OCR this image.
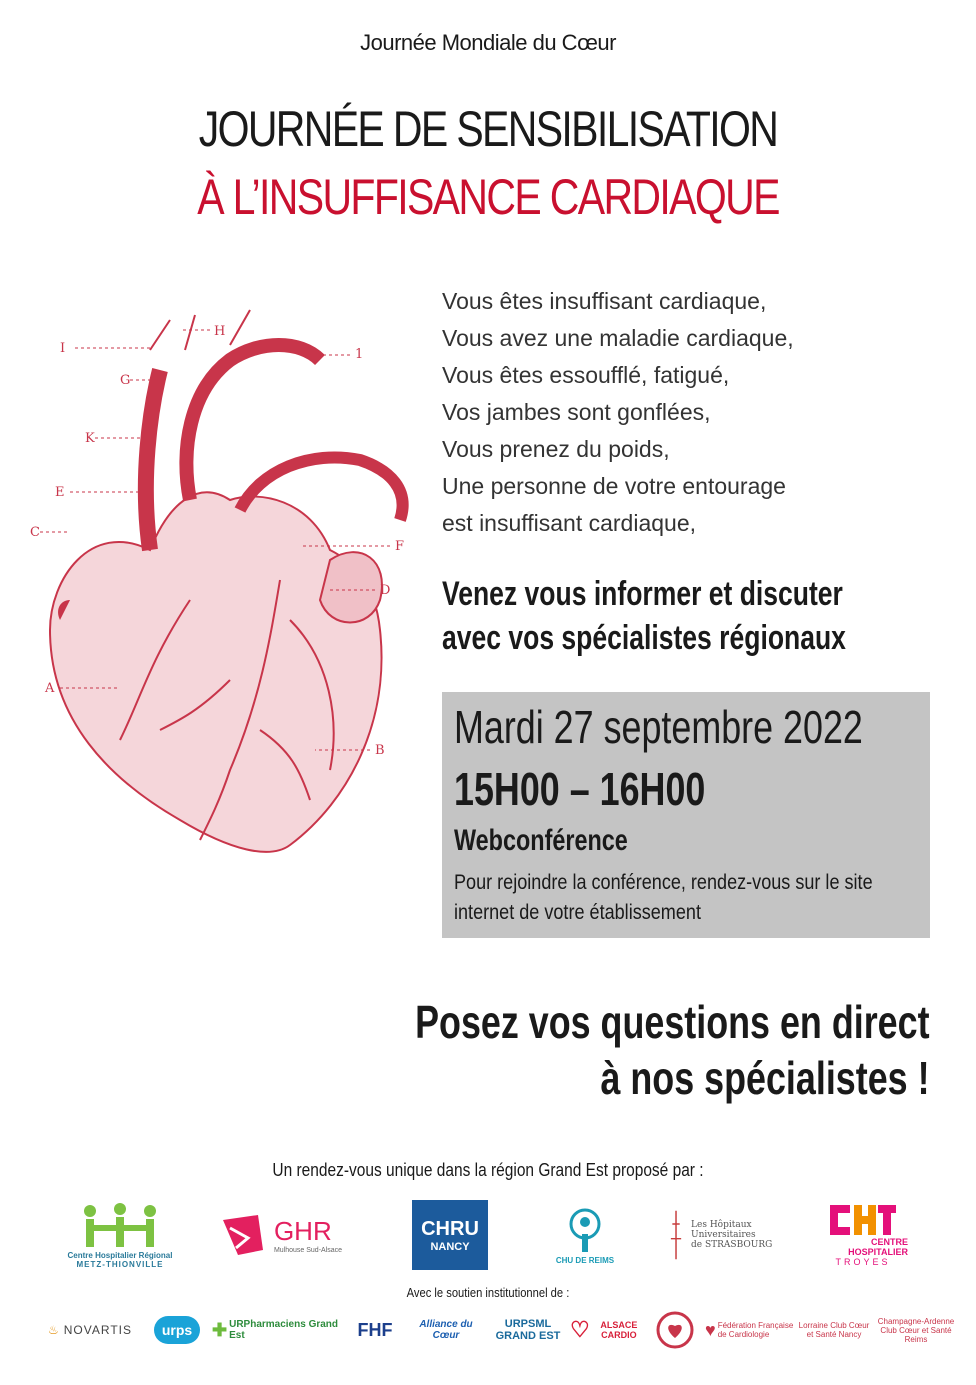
Journée Mondiale du Cœur
JOURNÉE DE SENSIBILISATION
À L’INSUFFISANCE CARDIAQUE
I
H
1
G
K
E
C
F
D
A
B
Vous êtes insuffisant cardiaque,
Vous avez une maladie cardiaque,
Vous êtes essoufflé, fatigué,
Vos jambes sont gonflées,
Vous prenez du poids,
Une personne de votre entourage
est insuffisant cardiaque,
Venez vous informer et discuter
avec vos spécialistes régionaux
Mardi 27 septembre 2022
15H00 – 16H00
Webconférence
Pour rejoindre la conférence, rendez-vous sur le site
internet de votre établissement
Posez vos questions en direct
à nos spécialistes !
Un rendez-vous unique dans la région Grand Est proposé par :
Centre Hospitalier Régional
METZ-THIONVILLE
GHR
Mulhouse Sud-Alsace
CHRU
NANCY
CHU DE REIMS
Les Hôpitaux Universitaires
de STRASBOURG	CENTRE HOSPITALIER
TROYES
Avec le soutien institutionnel de :
♨ NOVARTIS	urps	✚ URPharmaciens Grand Est	FHF	Alliance du Cœur
URPSML GRAND EST ♡	ALSACE CARDIO	♥ Fédération Française de Cardiologie
Lorraine Club Cœur et Santé Nancy
Champagne-Ardenne Club Cœur et Santé Reims
